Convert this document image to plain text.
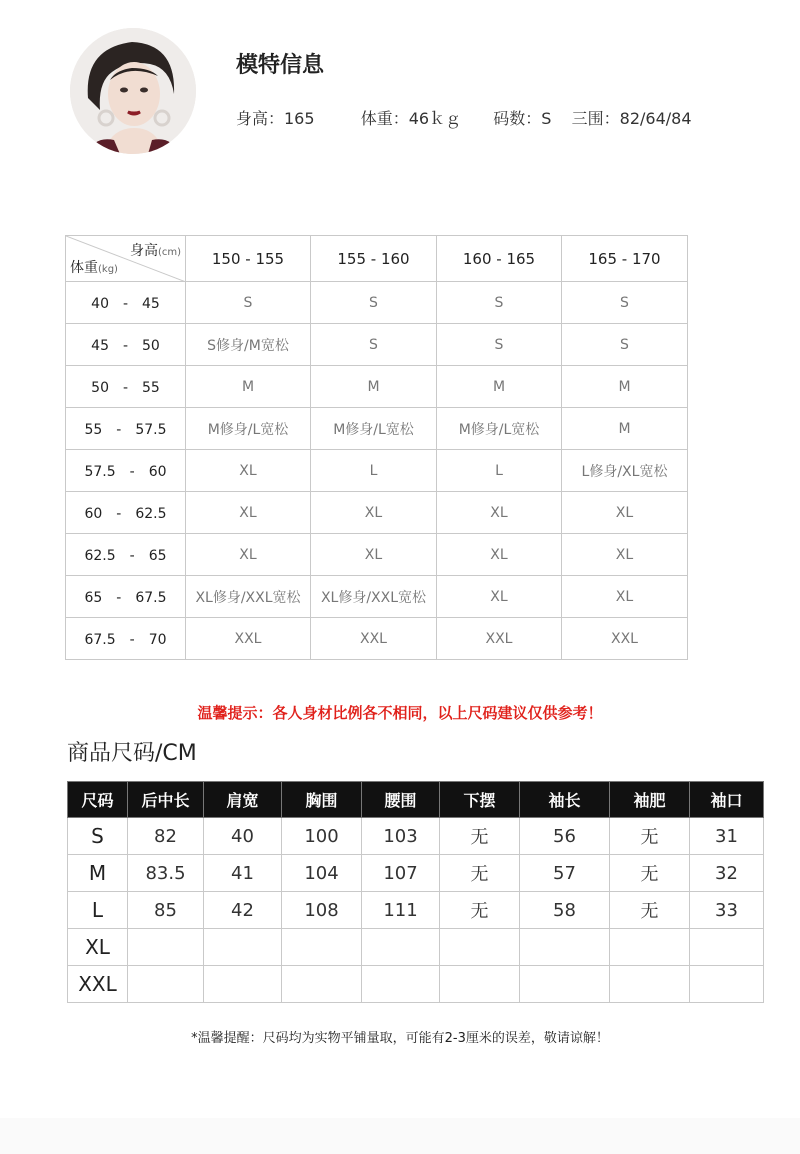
模特信息
身高：165	体重：46ｋｇ 码数：S 三围：82/64/84
身高(cm)
体重(kg)	150 - 155	155 - 160	160 - 165	165 - 170
40　-　45	S	S	S	S
45　-　50	S修身/M宽松	S	S	S
50　-　55	M	M	M	M
55　-　57.5	M修身/L宽松	M修身/L宽松	M修身/L宽松	M
57.5　-　60	XL	L	L	L修身/XL宽松
60　-　62.5	XL	XL	XL	XL
62.5　-　65	XL	XL	XL	XL
65　-　67.5	XL修身/XXL宽松	XL修身/XXL宽松	XL	XL
67.5　-　70	XXL	XXL	XXL	XXL
温馨提示：各人身材比例各不相同，以上尺码建议仅供参考！
商品尺码/CM
尺码	后中长	肩宽	胸围	腰围	下摆	袖长	袖肥	袖口
S	82	40	100	103	无	56	无	31
M	83.5	41	104	107	无	57	无	32
L	85	42	108	111	无	58	无	33
XL								
XXL								
*温馨提醒：尺码均为实物平铺量取，可能有2-3厘米的误差，敬请谅解！
